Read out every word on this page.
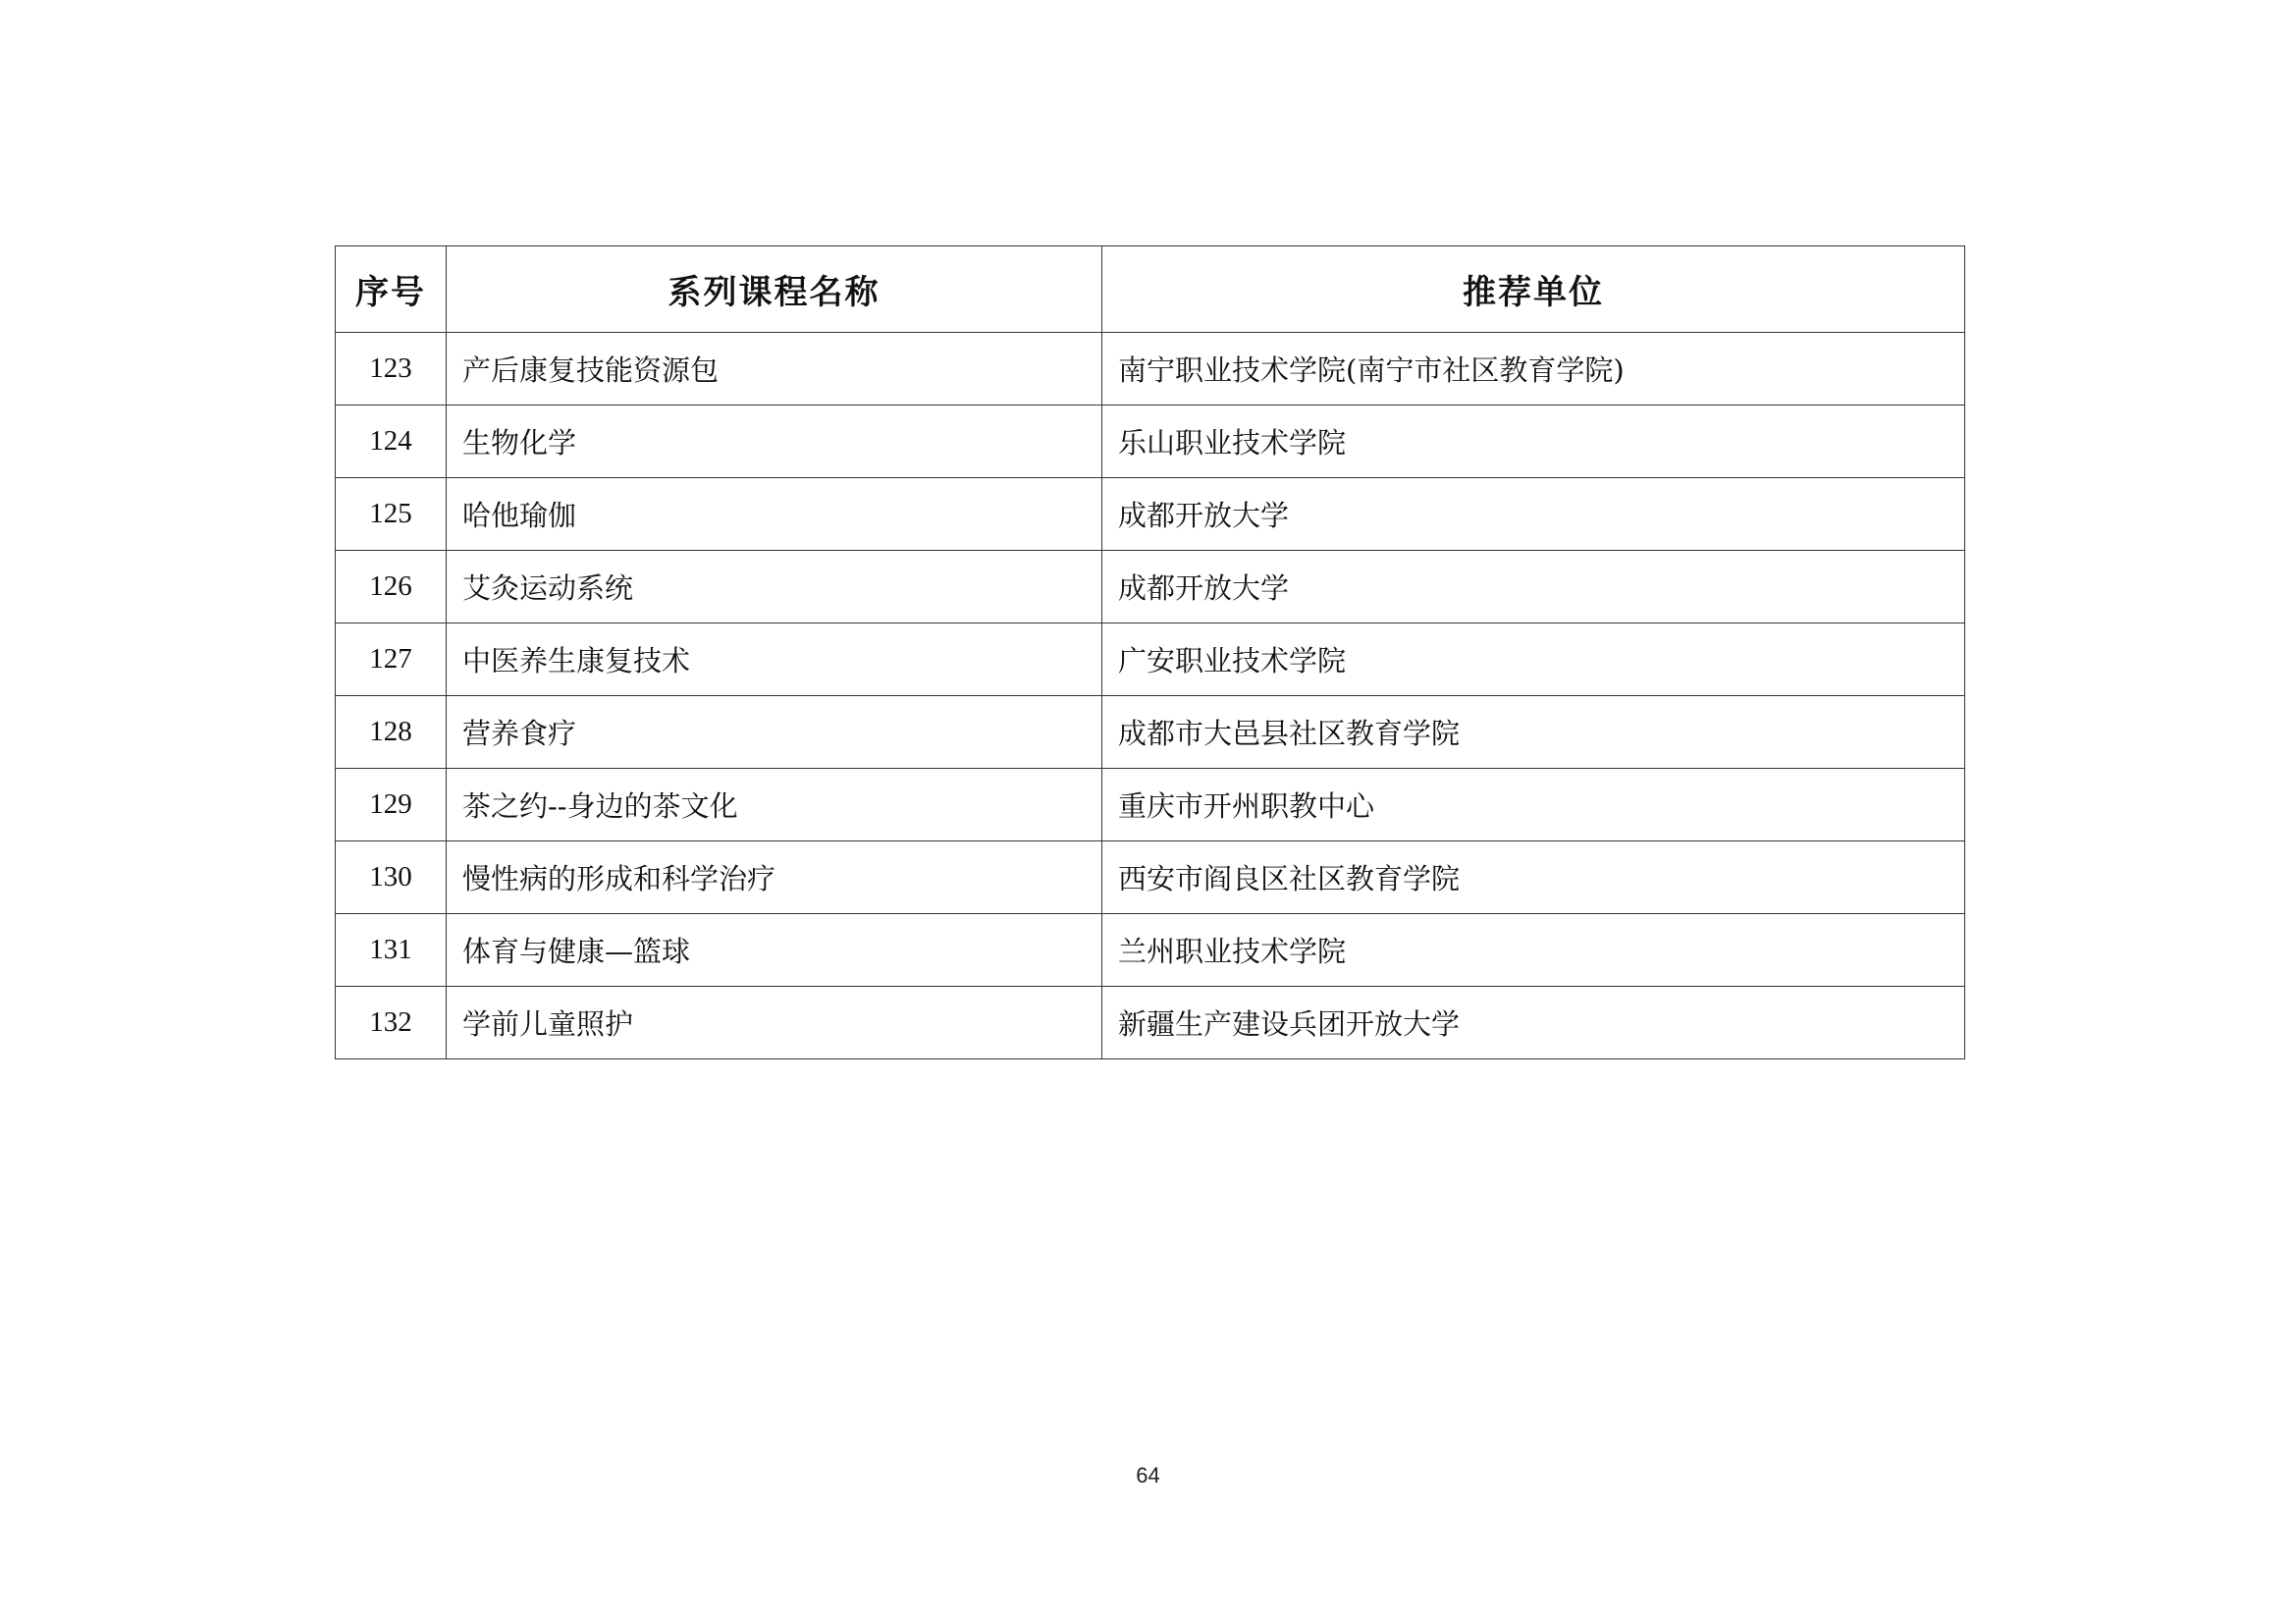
序号	系列课程名称	推荐单位
123	产后康复技能资源包	南宁职业技术学院(南宁市社区教育学院)
124	生物化学	乐山职业技术学院
125	哈他瑜伽	成都开放大学
126	艾灸运动系统	成都开放大学
127	中医养生康复技术	广安职业技术学院
128	营养食疗	成都市大邑县社区教育学院
129	茶之约--身边的茶文化	重庆市开州职教中心
130	慢性病的形成和科学治疗	西安市阎良区社区教育学院
131	体育与健康—篮球	兰州职业技术学院
132	学前儿童照护	新疆生产建设兵团开放大学
64
